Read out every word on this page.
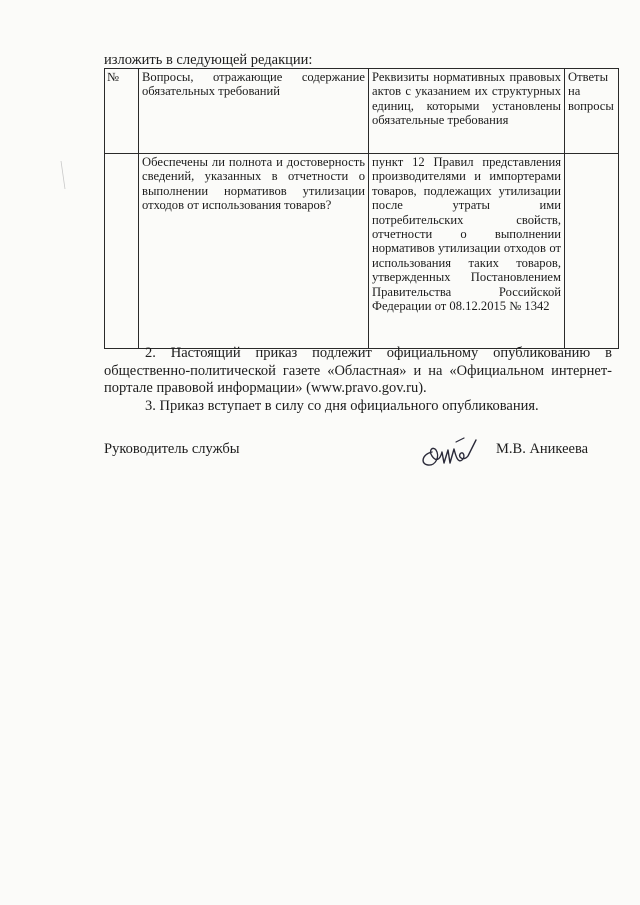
изложить в следующей редакции:
№	Вопросы, отражающие содержание обязательных требований	Реквизиты нормативных правовых актов с указанием их структурных единиц, которыми установлены обязательные требования	Ответы на вопросы
	Обеспечены ли полнота и достоверность сведений, указанных в отчетности о выполнении нормативов утилизации отходов от использования товаров?	пункт 12 Правил представления производителями и импортерами товаров, подлежащих утилизации после утраты ими потребительских свойств, отчетности о выполнении нормативов утилизации отходов от использования таких товаров, утвержденных Постановлением Правительства Российской Федерации от 08.12.2015 № 1342	

2. Настоящий приказ подлежит официальному опубликованию в общественно-политической газете «Областная» и на «Официальном интернет-портале правовой информации» (www.pravo.gov.ru).

3. Приказ вступает в силу со дня официального опубликования.

Руководитель службы	М.В. Аникеева
